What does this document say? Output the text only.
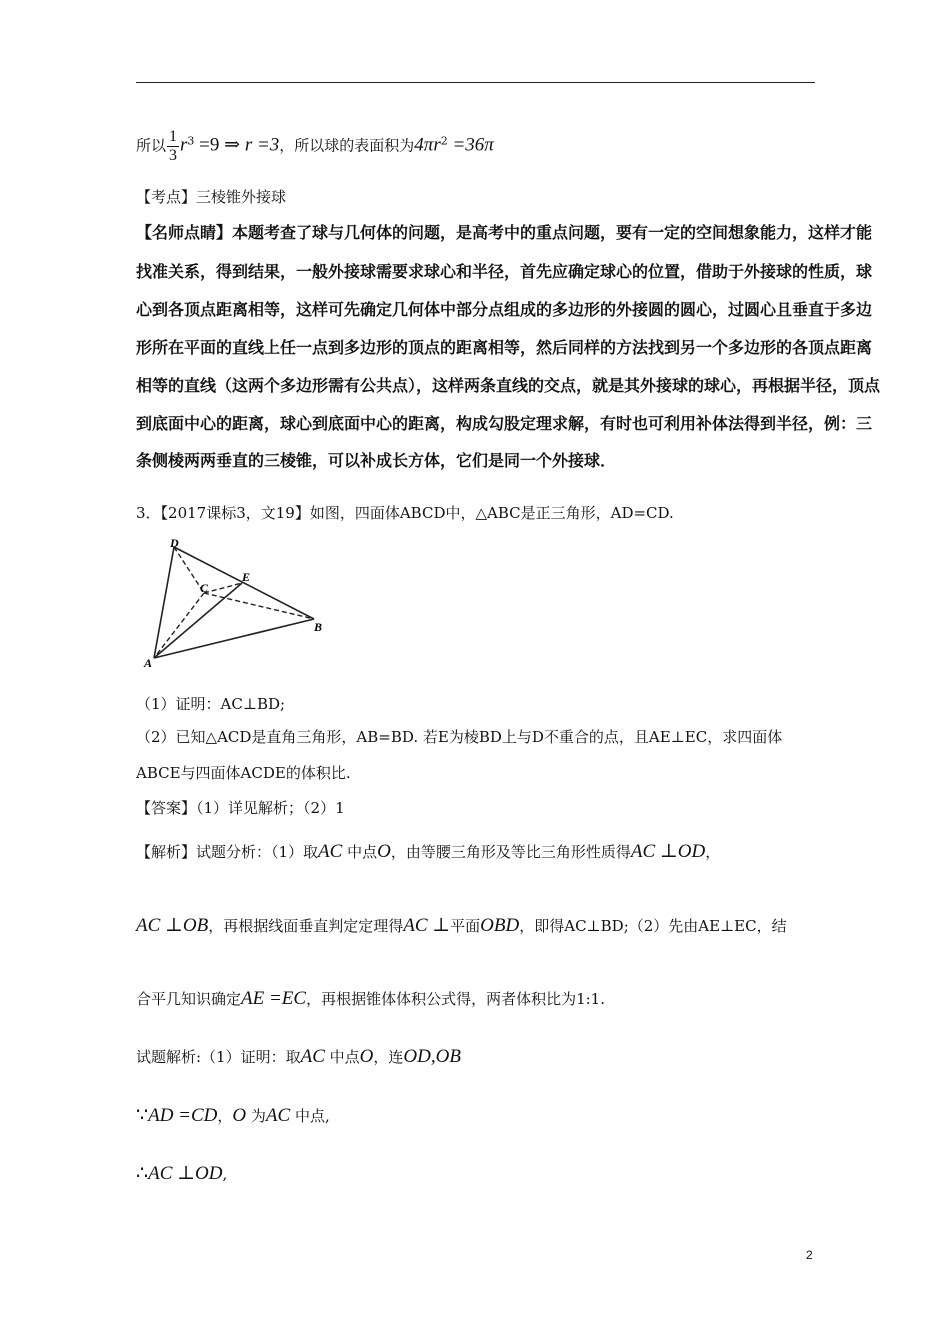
所以 $\frac{1}{3} r^3 =9$ ⇒ r =3，所以球的表面积为$4\pi r^2 =36\pi$
【考点】三棱锥外接球
【名师点睛】本题考查了球与几何体的问题，是高考中的重点问题，要有一定的空间想象能力，这样才能
找准关系，得到结果，一般外接球需要求球心和半径，首先应确定球心的位置，借助于外接球的性质，球
心到各顶点距离相等，这样可先确定几何体中部分点组成的多边形的外接圆的圆心，过圆心且垂直于多边
形所在平面的直线上任一点到多边形的顶点的距离相等，然后同样的方法找到另一个多边形的各顶点距离
相等的直线（这两个多边形需有公共点），这样两条直线的交点，就是其外接球的球心，再根据半径，顶点
到底面中心的距离，球心到底面中心的距离，构成勾股定理求解，有时也可利用补体法得到半径，例：三
条侧棱两两垂直的三棱锥，可以补成长方体，它们是同一个外接球．
3．【2017课标3，文19】如图，四面体ABCD中，△ABC是正三角形，AD=CD.
D
C
E
B
A
（1）证明：AC⊥BD;
（2）已知△ACD是直角三角形，AB=BD. 若E为棱BD上与D不重合的点，且AE⊥EC，求四面体
ABCE与四面体ACDE的体积比.
【答案】（1）详见解析；（2）1
【解析】试题分析：（1）取AC 中点O，由等腰三角形及等比三角形性质得AC ⊥OD，
AC ⊥OB，再根据线面垂直判定定理得AC ⊥平面OBD，即得AC⊥BD;（2）先由AE⊥EC，结
合平几知识确定AE =EC，再根据锥体体积公式得，两者体积比为1:1.
试题解析:（1）证明：取AC 中点O，连OD,OB
∵AD =CD，O 为AC 中点,
∴AC ⊥OD,
2
